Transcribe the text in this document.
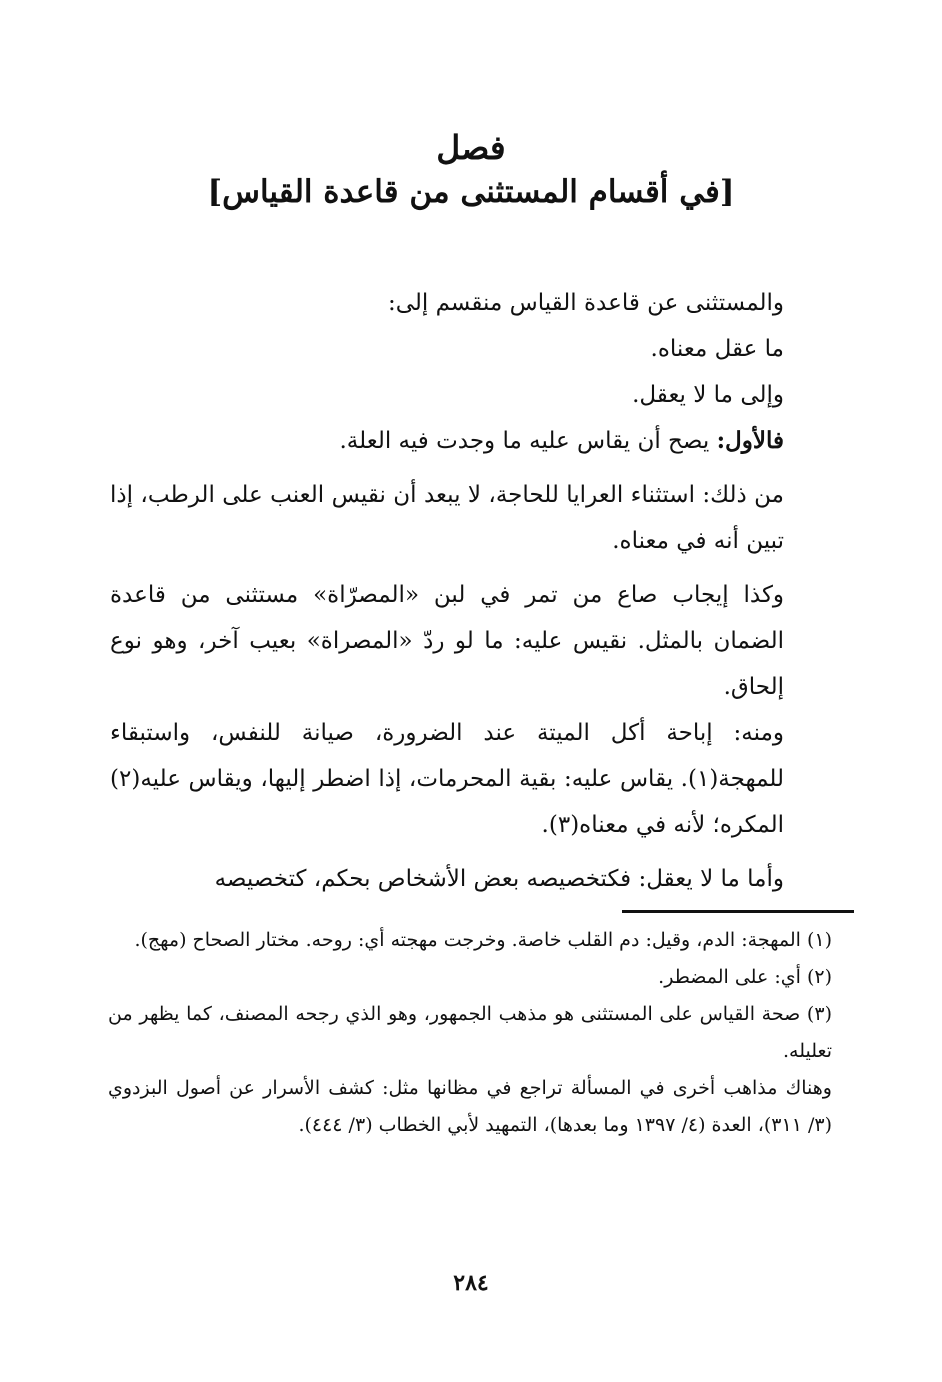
فصل
[في أقسام المستثنى من قاعدة القياس]

والمستثنى عن قاعدة القياس منقسم إلى:

ما عقل معناه.

وإلى ما لا يعقل.

فالأول: يصح أن يقاس عليه ما وجدت فيه العلة.

من ذلك: استثناء العرايا للحاجة، لا يبعد أن نقيس العنب على الرطب، إذا تبين أنه في معناه.

وكذا إيجاب صاع من تمر في لبن «المصرّاة» مستثنى من قاعدة الضمان بالمثل. نقيس عليه: ما لو ردّ «المصراة» بعيب آخر، وهو نوع إلحاق.

ومنه: إباحة أكل الميتة عند الضرورة، صيانة للنفس، واستبقاء للمهجة(١). يقاس عليه: بقية المحرمات، إذا اضطر إليها، ويقاس عليه(٢) المكره؛ لأنه في معناه(٣).

وأما ما لا يعقل: فكتخصيصه بعض الأشخاص بحكم، كتخصيصه

(١) المهجة: الدم، وقيل: دم القلب خاصة. وخرجت مهجته أي: روحه. مختار الصحاح (مهج).

(٢) أي: على المضطر.

(٣) صحة القياس على المستثنى هو مذهب الجمهور، وهو الذي رجحه المصنف، كما يظهر من تعليله.

وهناك مذاهب أخرى في المسألة تراجع في مظانها مثل: كشف الأسرار عن أصول البزدوي (٣/ ٣١١)، العدة (٤/ ١٣٩٧ وما بعدها)، التمهيد لأبي الخطاب (٣/ ٤٤٤).

٢٨٤
